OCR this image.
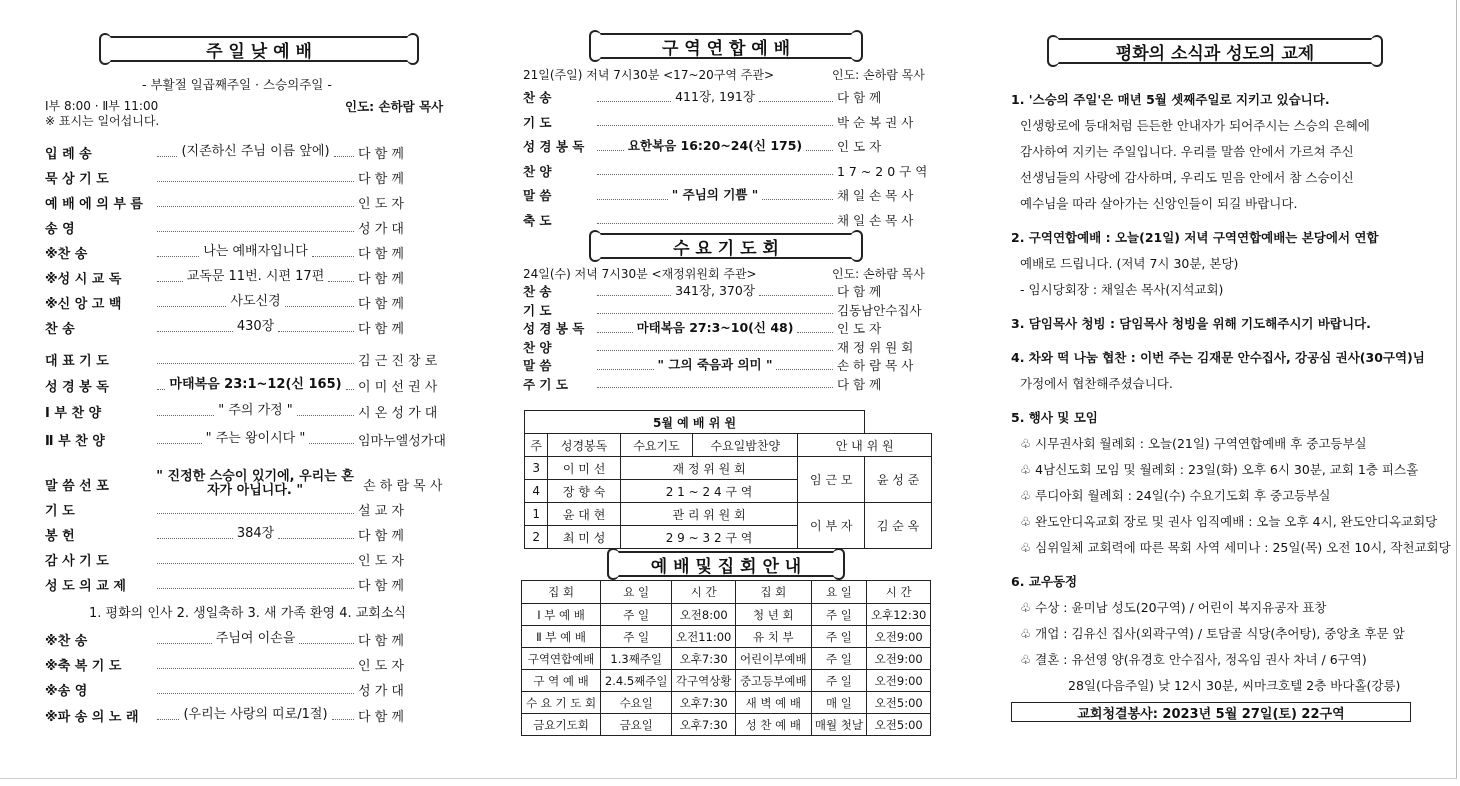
주 일 낮 예 배
- 부활절 일곱째주일 · 스승의주일 -
Ⅰ부 8:00 · Ⅱ부 11:00	인도: 손하람 목사
※ 표시는 일어섭니다.
입 례 송	(지존하신 주님 이름 앞에) 다 함 께
묵 상 기 도	다 함 께
예 배 에 의 부 름	인 도 자
송 영	성 가 대
※찬 송	나는 예배자입니다	다 함 께
※성 시 교 독	교독문 11번. 시편 17편	다 함 께
※신 앙 고 백	사도신경	다 함 께
찬 송	430장	다 함 께
대 표 기 도	김 근 진 장 로
성 경 봉 독	마태복음 23:1~12(신 165) 이 미 선 권 사
Ⅰ 부 찬 양	" 주의 가정 "	시 온 성 가 대
Ⅱ 부 찬 양	" 주는 왕이시다 "	임마누엘성가대
말 씀 선 포
" 진정한 스승이 있기에, 우리는 혼자가 아닙니다. "	손 하 람 목 사
기 도	설 교 자
봉 헌	384장	다 함 께
감 사 기 도	인 도 자
성 도 의 교 제	다 함 께
1. 평화의 인사 2. 생일축하 3. 새 가족 환영 4. 교회소식
※찬 송	주님여 이손을	다 함 께
※축 복 기 도	인 도 자
※송 영	성 가 대
※파 송 의 노 래	(우리는 사랑의 띠로/1절) 다 함 께
구 역 연 합 예 배
21일(주일) 저녁 7시30분 <17~20구역 주관>	인도: 손하람 목사
찬 송	411장, 191장	다 함 께
기 도	박 순 복 권 사
성 경 봉 독	요한복음 16:20~24(신 175)	인 도 자
찬 양	1 7 ~ 2 0 구 역
말 씀	" 주님의 기쁨 "	채 일 손 목 사
축 도	채 일 손 목 사
수 요 기 도 회
24일(수) 저녁 7시30분 <재정위원회 주관>	인도: 손하람 목사
찬 송	341장, 370장	다 함 께
기 도	김동남안수집사
성 경 봉 독	마태복음 27:3~10(신 48)	인 도 자
찬 양	재 정 위 원 회
말 씀	" 그의 죽음과 의미 "	손 하 람 목 사
주 기 도	다 함 께
5월 예 배 위 원					
주	성경봉독	수요기도	수요일밤찬양	안 내 위 원	
3	이 미 선	재 정 위 원 회		임 근 모	윤 성 준
4	장 향 숙	2 1 ~ 2 4 구 역			
1	윤 대 현	관 리 위 원 회		이 부 자	김 순 옥
2	최 미 성	2 9 ~ 3 2 구 역			
예 배 및 집 회 안 내
집 회	요 일	시 간	집 회	요 일	시 간
Ⅰ 부 예 배	주 일	오전8:00	청 년 회	주 일	오후12:30
Ⅱ 부 예 배	주 일	오전11:00	유 치 부	주 일	오전9:00
구역연합예배	1.3째주일	오후7:30	어린이부예배	주 일	오전9:00
구 역 예 배	2.4.5째주일	각구역상황	중고등부예배	주 일	오전9:00
수 요 기 도 회	수요일	오후7:30	새 벽 예 배	매 일	오전5:00
금요기도회	금요일	오후7:30	성 찬 예 배	매월 첫날	오전5:00
평화의 소식과 성도의 교제
1. '스승의 주일'은 매년 5월 셋째주일로 지키고 있습니다.
인생항로에 등대처럼 든든한 안내자가 되어주시는 스승의 은혜에
감사하여 지키는 주일입니다. 우리를 말씀 안에서 가르쳐 주신
선생님들의 사랑에 감사하며, 우리도 믿음 안에서 참 스승이신
예수님을 따라 살아가는 신앙인들이 되길 바랍니다.
2. 구역연합예배 : 오늘(21일) 저녁 구역연합예배는 본당에서 연합
예배로 드립니다. (저녁 7시 30분, 본당)
- 임시당회장 : 채일손 목사(지석교회)
3. 담임목사 청빙 : 담임목사 청빙을 위해 기도해주시기 바랍니다.
4. 차와 떡 나눔 협찬 : 이번 주는 김재문 안수집사, 강공심 권사(30구역)님
가정에서 협찬해주셨습니다.
5. 행사 및 모임
♧ 시무권사회 월례회 : 오늘(21일) 구역연합예배 후 중고등부실
♧ 4남신도회 모임 및 월례회 : 23일(화) 오후 6시 30분, 교회 1층 피스홀
♧ 루디아회 월례회 : 24일(수) 수요기도회 후 중고등부실
♧ 완도안디옥교회 장로 및 권사 임직예배 : 오늘 오후 4시, 완도안디옥교회당
♧ 심위일체 교회력에 따른 목회 사역 세미나 : 25일(목) 오전 10시, 작천교회당
6. 교우동정
♧ 수상 : 윤미남 성도(20구역) / 어린이 복지유공자 표창
♧ 개업 : 김유신 집사(외곽구역) / 토담골 식당(추어탕), 중앙초 후문 앞
♧ 결혼 : 유선영 양(유경호 안수집사, 정옥임 권사 차녀 / 6구역)
28일(다음주일) 낮 12시 30분, 씨마크호텔 2층 바다홀(강릉)
교회청결봉사: 2023년 5월 27일(토) 22구역
